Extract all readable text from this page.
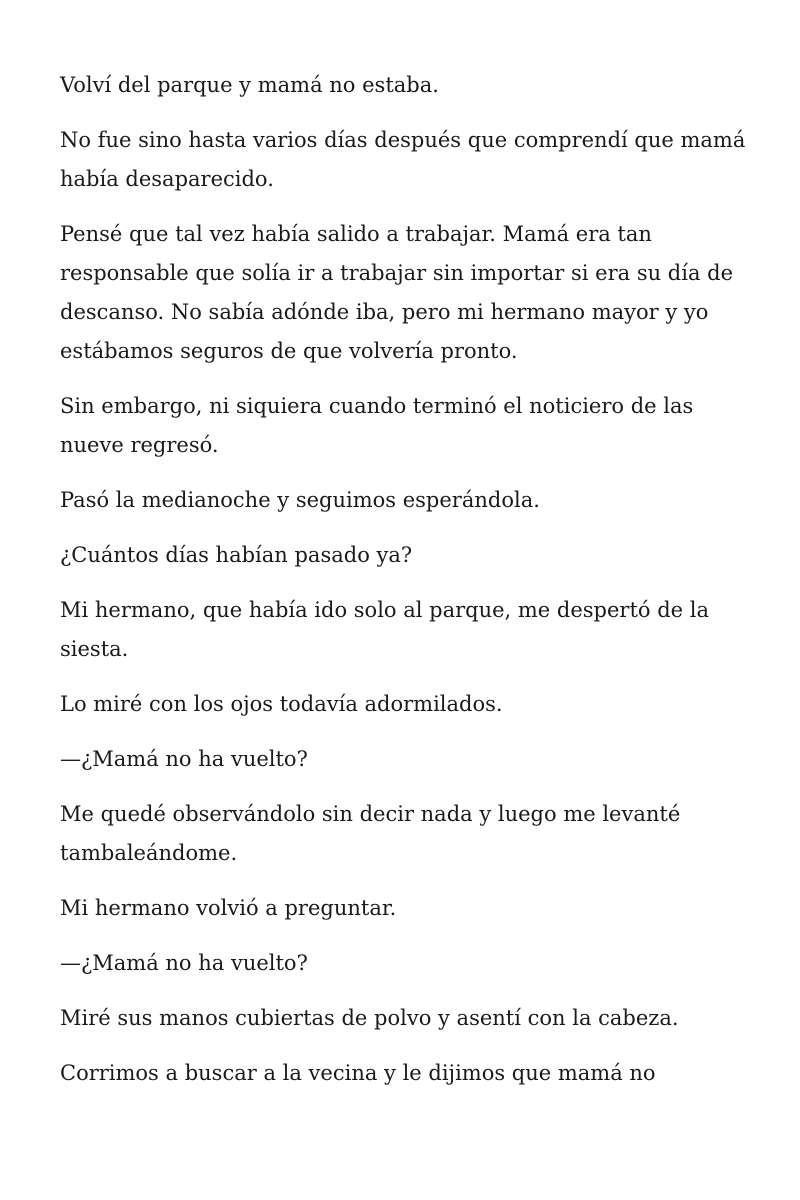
Volví del parque y mamá no estaba.

No fue sino hasta varios días después que comprendí que mamá había desaparecido.

Pensé que tal vez había salido a trabajar. Mamá era tan responsable que solía ir a trabajar sin importar si era su día de descanso. No sabía adónde iba, pero mi hermano mayor y yo estábamos seguros de que volvería pronto.

Sin embargo, ni siquiera cuando terminó el noticiero de las nueve regresó.

Pasó la medianoche y seguimos esperándola.

¿Cuántos días habían pasado ya?

Mi hermano, que había ido solo al parque, me despertó de la siesta.

Lo miré con los ojos todavía adormilados.

—¿Mamá no ha vuelto?

Me quedé observándolo sin decir nada y luego me levanté tambaleándome.

Mi hermano volvió a preguntar.

—¿Mamá no ha vuelto?

Miré sus manos cubiertas de polvo y asentí con la cabeza.

Corrimos a buscar a la vecina y le dijimos que mamá no
